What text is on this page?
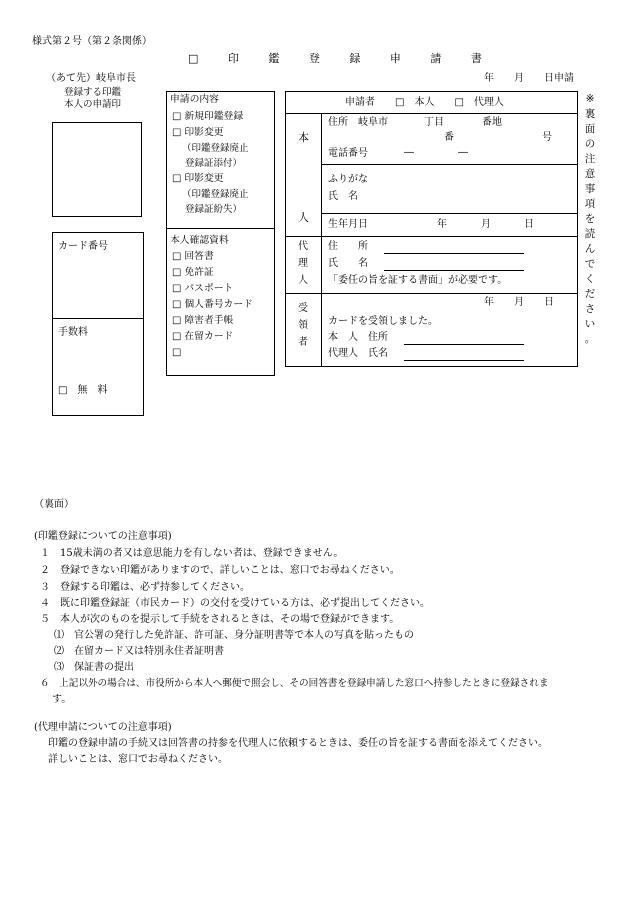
様式第２号（第２条関係）
□ 印 鑑 登 録 申 請 書
（あて先）岐阜市長	年　　月　　日申請
登録する印鑑
本人の申請印
カード番号
手数料
□　無　料
申請の内容
□ 新規印鑑登録
□ 印影変更
（印鑑登録廃止
登録証添付）
□ 印影変更
（印鑑登録廃止
登録証紛失）
本人確認資料
□ 回答書
□ 免許証
□ パスポート
□ 個人番号カード
□ 障害者手帳
□ 在留カード
□
申請者　　□　本人　　□　代理人
本
人
住所　岐阜市	丁目	番地
番	号
電話番号	―	―
ふりがな
氏　名
生年月日	年	月	日
代
理
人
住　　所
氏　　名
「委任の旨を証する書面」が必要です。
受
領
者
年　　月　　日
カードを受領しました。
本　人　住所
代理人　氏名
※
裏
面
の
注
意
事
項
を
読
ん
で
く
だ
さ
い
。
（裏面）
(印鑑登録についての注意事項)
１　15歳未満の者又は意思能力を有しない者は、登録できません。
２　登録できない印鑑がありますので、詳しいことは、窓口でお尋ねください。
３　登録する印鑑は、必ず持参してください。
４　既に印鑑登録証（市民カード）の交付を受けている方は、必ず提出してください。
５　本人が次のものを提示して手続をされるときは、その場で登録ができます。
⑴　官公署の発行した免許証、許可証、身分証明書等で本人の写真を貼ったもの
⑵　在留カード又は特別永住者証明書
⑶　保証書の提出
６　上記以外の場合は、市役所から本人へ郵便で照会し、その回答書を登録申請した窓口へ持参したときに登録されま
す。
(代理申請についての注意事項)
印鑑の登録申請の手続又は回答書の持参を代理人に依頼するときは、委任の旨を証する書面を添えてください。
詳しいことは、窓口でお尋ねください。
